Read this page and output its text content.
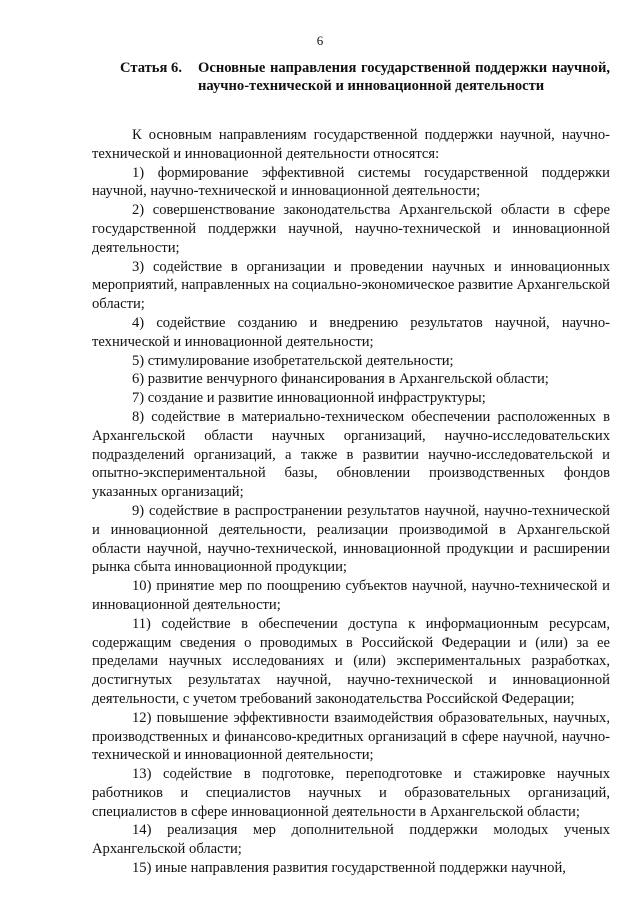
6
Статья 6. Основные направления государственной поддержки научной, научно-технической и инновационной деятельности

К основным направлениям государственной поддержки научной, научно-технической и инновационной деятельности относятся:

1) формирование эффективной системы государственной поддержки научной, научно-технической и инновационной деятельности;

2) совершенствование законодательства Архангельской области в сфере государственной поддержки научной, научно-технической и инновационной деятельности;

3) содействие в организации и проведении научных и инновационных мероприятий, направленных на социально-экономическое развитие Архангельской области;

4) содействие созданию и внедрению результатов научной, научно-технической и инновационной деятельности;

5) стимулирование изобретательской деятельности;

6) развитие венчурного финансирования в Архангельской области;

7) создание и развитие инновационной инфраструктуры;

8) содействие в материально-техническом обеспечении расположенных в Архангельской области научных организаций, научно-исследовательских подразделений организаций, а также в развитии научно-исследовательской и опытно-экспериментальной базы, обновлении производственных фондов указанных организаций;

9) содействие в распространении результатов научной, научно-технической и инновационной деятельности, реализации производимой в Архангельской области научной, научно-технической, инновационной продукции и расширении рынка сбыта инновационной продукции;

10) принятие мер по поощрению субъектов научной, научно-технической и инновационной деятельности;

11) содействие в обеспечении доступа к информационным ресурсам, содержащим сведения о проводимых в Российской Федерации и (или) за ее пределами научных исследованиях и (или) экспериментальных разработках, достигнутых результатах научной, научно-технической и инновационной деятельности, с учетом требований законодательства Российской Федерации;

12) повышение эффективности взаимодействия образовательных, научных, производственных и финансово-кредитных организаций в сфере научной, научно-технической и инновационной деятельности;

13) содействие в подготовке, переподготовке и стажировке научных работников и специалистов научных и образовательных организаций, специалистов в сфере инновационной деятельности в Архангельской области;

14) реализация мер дополнительной поддержки молодых ученых Архангельской области;

15) иные направления развития государственной поддержки научной,
